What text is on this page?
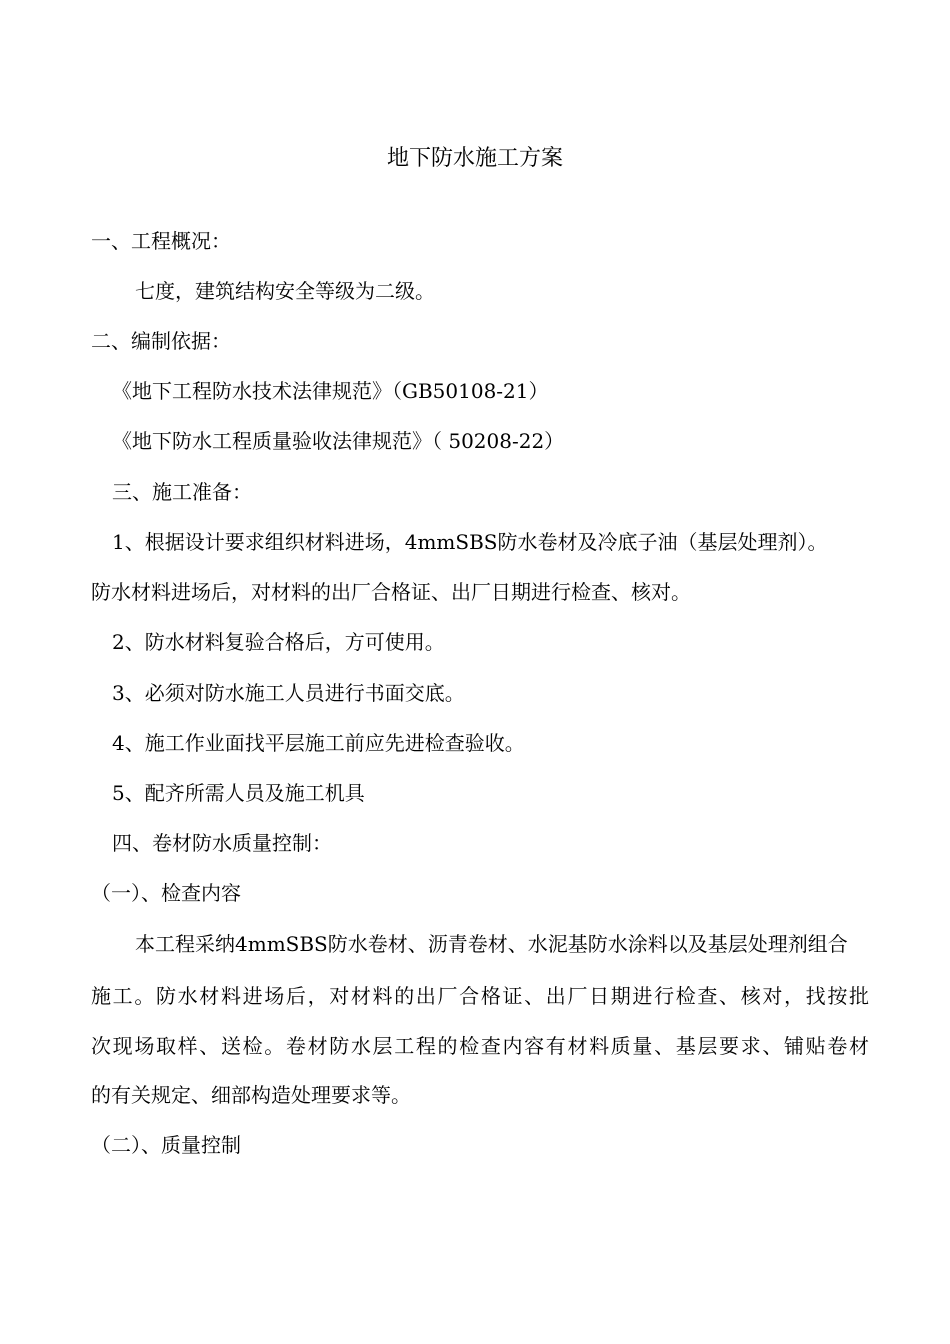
地下防水施工方案
一、工程概况：
七度，建筑结构安全等级为二级。
二、编制依据：
《地下工程防水技术法律规范》（GB50108-21）
《地下防水工程质量验收法律规范》（ 50208-22）
三、施工准备：
1、根据设计要求组织材料进场，4mmSBS防水卷材及冷底子油（基层处理剂）。
防水材料进场后，对材料的出厂合格证、出厂日期进行检查、核对。
2、防水材料复验合格后，方可使用。
3、必须对防水施工人员进行书面交底。
4、施工作业面找平层施工前应先进检查验收。
5、配齐所需人员及施工机具
四、卷材防水质量控制：
（一）、检查内容
本工程采纳4mmSBS防水卷材、沥青卷材、水泥基防水涂料以及基层处理剂组合
施工。防水材料进场后，对材料的出厂合格证、出厂日期进行检查、核对，找按批
次现场取样、送检。卷材防水层工程的检查内容有材料质量、基层要求、铺贴卷材
的有关规定、细部构造处理要求等。
（二）、质量控制
